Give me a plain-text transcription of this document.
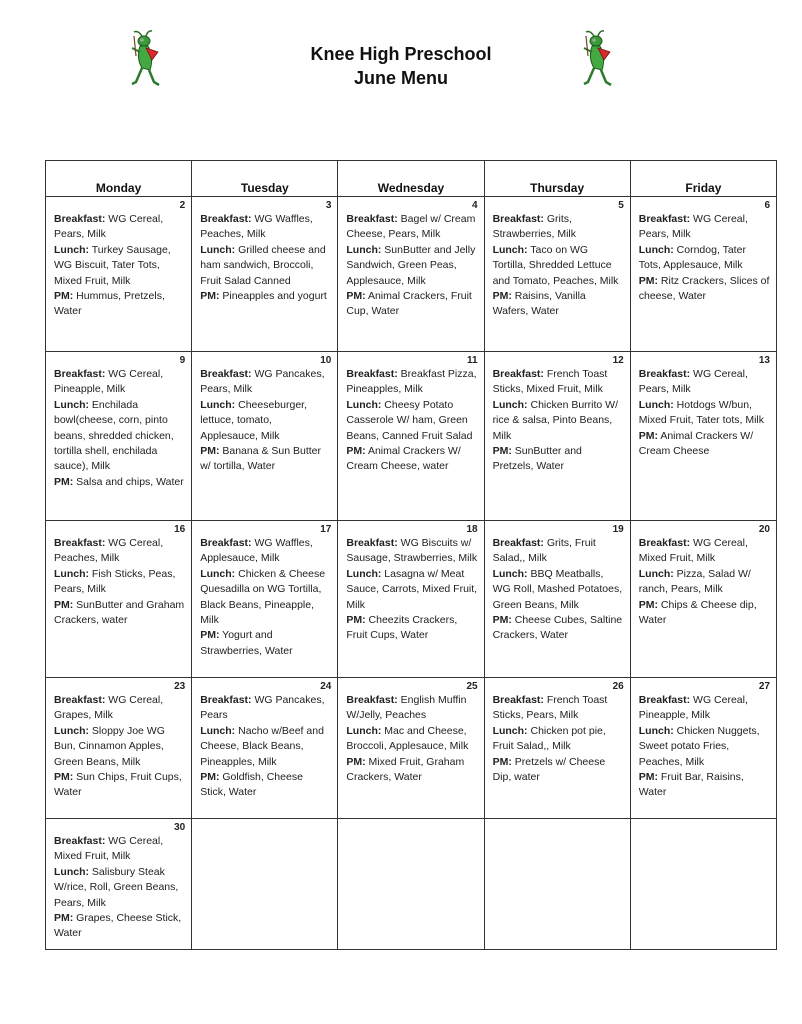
Knee High Preschool
June Menu
Monday	Tuesday	Wednesday	Thursday	Friday

2
Breakfast: WG Cereal, Pears, Milk
Lunch: Turkey Sausage, WG Biscuit, Tater Tots, Mixed Fruit, Milk
PM: Hummus, Pretzels, Water	3
Breakfast: WG Waffles, Peaches, Milk
Lunch: Grilled cheese and ham sandwich, Broccoli, Fruit Salad Canned
PM: Pineapples and yogurt	4
Breakfast: Bagel w/ Cream Cheese, Pears, Milk
Lunch: SunButter and Jelly Sandwich, Green Peas, Applesauce, Milk
PM: Animal Crackers, Fruit Cup, Water	5
Breakfast: Grits, Strawberries, Milk
Lunch: Taco on WG Tortilla, Shredded Lettuce and Tomato, Peaches, Milk
PM: Raisins, Vanilla Wafers, Water	6
Breakfast: WG Cereal, Pears, Milk
Lunch: Corndog, Tater Tots, Applesauce, Milk
PM: Ritz Crackers, Slices of cheese, Water

9
Breakfast: WG Cereal, Pineapple, Milk
Lunch: Enchilada bowl(cheese, corn, pinto beans, shredded chicken, tortilla shell, enchilada sauce), Milk
PM: Salsa and chips, Water	10
Breakfast: WG Pancakes, Pears, Milk
Lunch: Cheeseburger, lettuce, tomato, Applesauce, Milk
PM: Banana & Sun Butter w/ tortilla, Water	11
Breakfast: Breakfast Pizza, Pineapples, Milk
Lunch: Cheesy Potato Casserole W/ ham, Green Beans, Canned Fruit Salad
PM: Animal Crackers W/ Cream Cheese, water	12
Breakfast: French Toast Sticks, Mixed Fruit, Milk
Lunch: Chicken Burrito W/ rice & salsa, Pinto Beans, Milk
PM: SunButter and Pretzels, Water	13
Breakfast: WG Cereal, Pears, Milk
Lunch: Hotdogs W/bun, Mixed Fruit, Tater tots, Milk
PM: Animal Crackers W/ Cream Cheese

16
Breakfast: WG Cereal, Peaches, Milk
Lunch: Fish Sticks, Peas, Pears, Milk
PM: SunButter and Graham Crackers, water	17
Breakfast: WG Waffles, Applesauce, Milk
Lunch: Chicken & Cheese Quesadilla on WG Tortilla, Black Beans, Pineapple, Milk
PM: Yogurt and Strawberries, Water	18
Breakfast: WG Biscuits w/ Sausage, Strawberries, Milk
Lunch: Lasagna w/ Meat Sauce, Carrots, Mixed Fruit, Milk
PM: Cheezits Crackers, Fruit Cups, Water	19
Breakfast: Grits, Fruit Salad,, Milk
Lunch: BBQ Meatballs, WG Roll, Mashed Potatoes, Green Beans, Milk
PM: Cheese Cubes, Saltine Crackers, Water	20
Breakfast: WG Cereal, Mixed Fruit, Milk
Lunch: Pizza, Salad W/ ranch, Pears, Milk
PM: Chips & Cheese dip, Water

23
Breakfast: WG Cereal, Grapes, Milk
Lunch: Sloppy Joe WG Bun, Cinnamon Apples, Green Beans, Milk
PM: Sun Chips, Fruit Cups, Water	24
Breakfast: WG Pancakes, Pears
Lunch: Nacho w/Beef and Cheese, Black Beans, Pineapples, Milk
PM: Goldfish, Cheese Stick, Water	25
Breakfast: English Muffin W/Jelly, Peaches
Lunch: Mac and Cheese, Broccoli, Applesauce, Milk
PM: Mixed Fruit, Graham Crackers, Water	26
Breakfast: French Toast Sticks, Pears, Milk
Lunch: Chicken pot pie, Fruit Salad,, Milk
PM: Pretzels w/ Cheese Dip, water	27
Breakfast: WG Cereal, Pineapple, Milk
Lunch: Chicken Nuggets, Sweet potato Fries, Peaches, Milk
PM: Fruit Bar, Raisins, Water

30
Breakfast: WG Cereal, Mixed Fruit, Milk
Lunch: Salisbury Steak W/rice, Roll, Green Beans, Pears, Milk
PM: Grapes, Cheese Stick, Water				
